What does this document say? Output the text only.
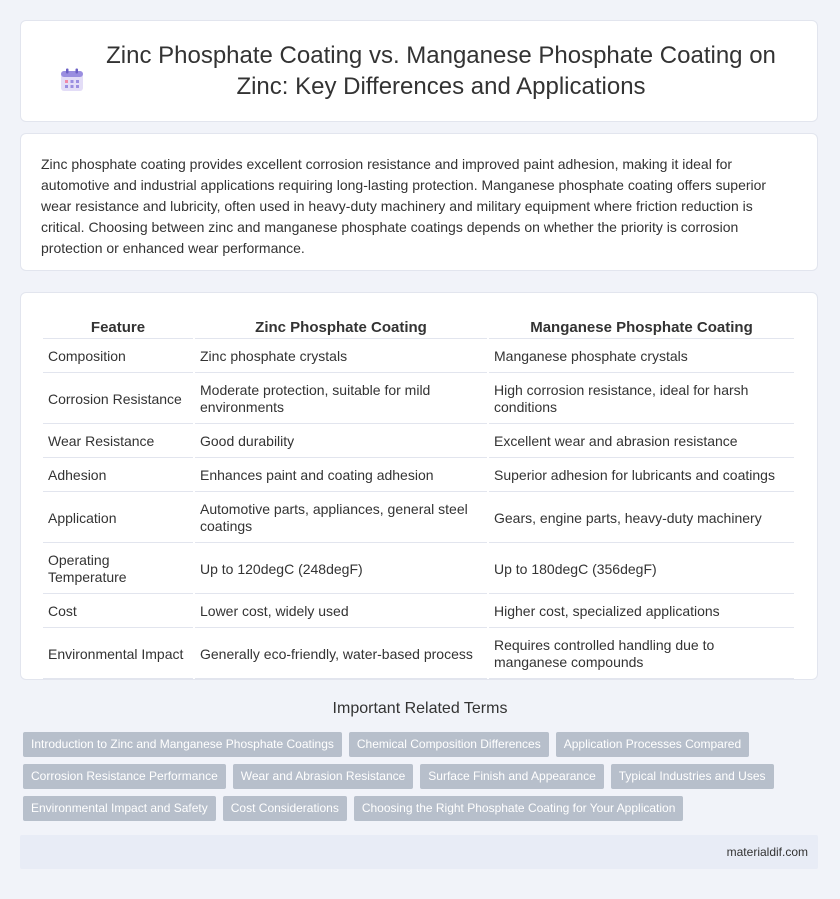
Zinc Phosphate Coating vs. Manganese Phosphate Coating on Zinc: Key Differences and Applications

Zinc phosphate coating provides excellent corrosion resistance and improved paint adhesion, making it ideal for automotive and industrial applications requiring long-lasting protection. Manganese phosphate coating offers superior wear resistance and lubricity, often used in heavy-duty machinery and military equipment where friction reduction is critical. Choosing between zinc and manganese phosphate coatings depends on whether the priority is corrosion protection or enhanced wear performance.

Feature	Zinc Phosphate Coating	Manganese Phosphate Coating
Composition	Zinc phosphate crystals	Manganese phosphate crystals
Corrosion Resistance	Moderate protection, suitable for mild environments	High corrosion resistance, ideal for harsh conditions
Wear Resistance	Good durability	Excellent wear and abrasion resistance
Adhesion	Enhances paint and coating adhesion	Superior adhesion for lubricants and coatings
Application	Automotive parts, appliances, general steel coatings	Gears, engine parts, heavy-duty machinery
Operating Temperature	Up to 120degC (248degF)	Up to 180degC (356degF)
Cost	Lower cost, widely used	Higher cost, specialized applications
Environmental Impact	Generally eco-friendly, water-based process	Requires controlled handling due to manganese compounds
Important Related Terms
Introduction to Zinc and Manganese Phosphate Coatings	Chemical Composition Differences	Application Processes Compared
Corrosion Resistance Performance	Wear and Abrasion Resistance	Surface Finish and Appearance	Typical Industries and Uses
Environmental Impact and Safety	Cost Considerations	Choosing the Right Phosphate Coating for Your Application
materialdif.com
